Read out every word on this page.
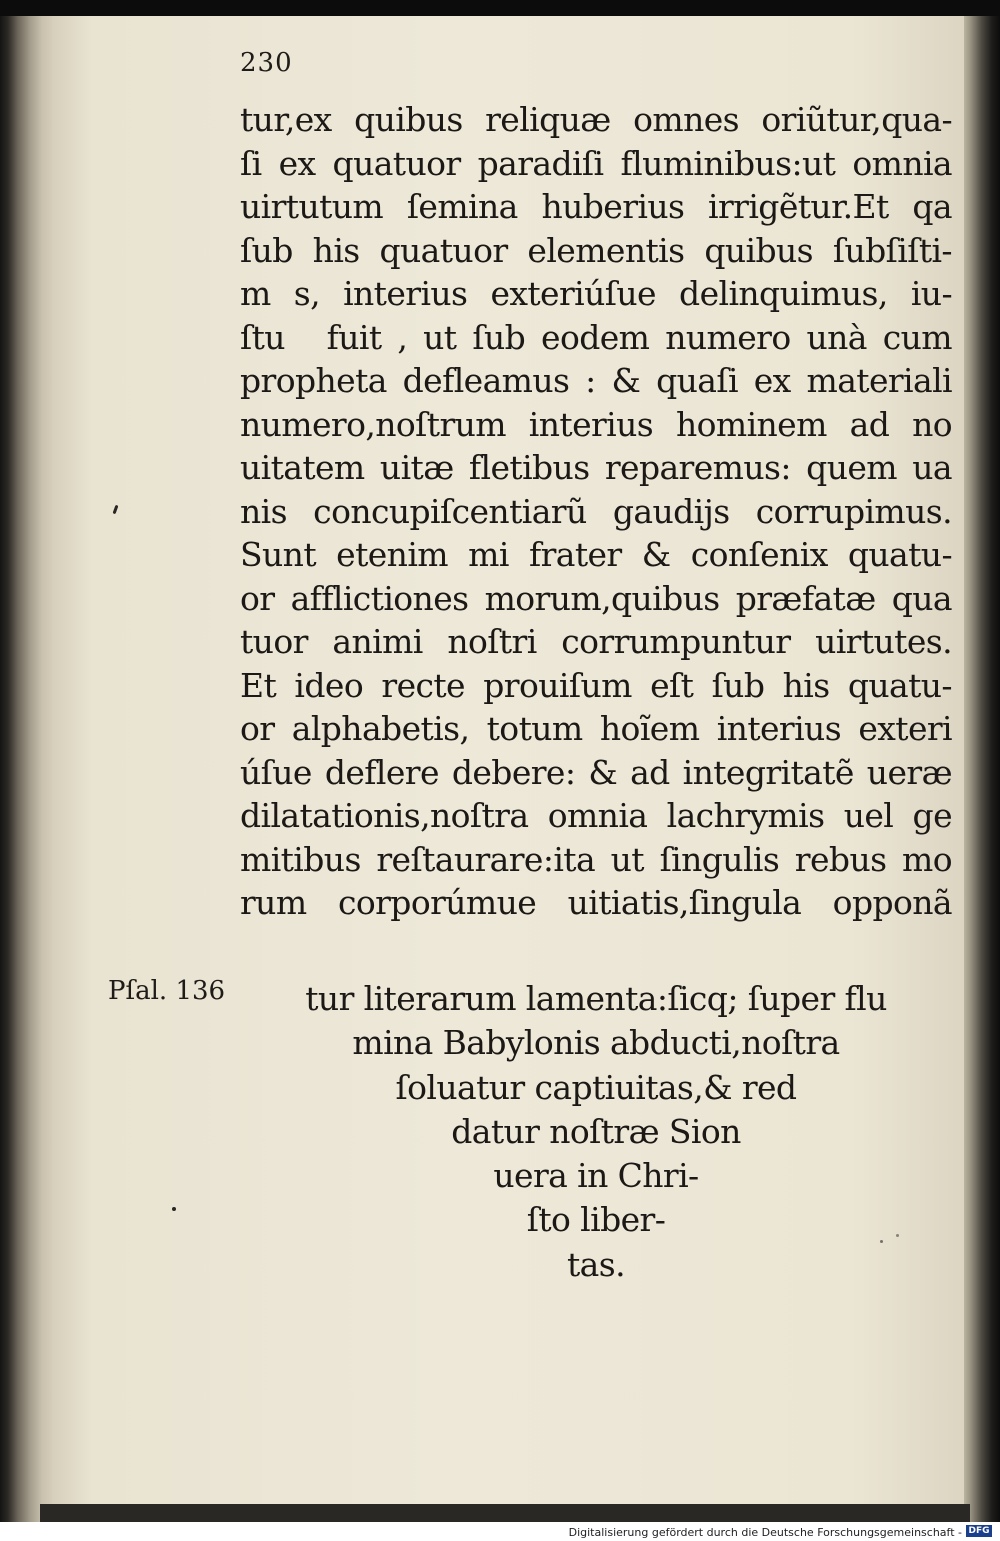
230
tur,ex quibus reliquæ omnes oriũtur,qua-
ſi ex quatuor paradiſi fluminibus:ut omnia
uirtutum ſemina huberius irrigẽtur.Et qa
ſub his quatuor elementis quibus ſubſiſti-
m s, interius exteriúſue delinquimus, iu-
ſtu fuit , ut ſub eodem numero unà cum
propheta defleamus : & quaſi ex materiali
numero,noſtrum interius hominem ad no
uitatem uitæ fletibus reparemus: quem ua
nis concupiſcentiarũ gaudijs corrupimus.
Sunt etenim mi frater & conſenix quatu-
or afflictiones morum,quibus præfatæ qua
tuor animi noſtri corrumpuntur uirtutes.
Et ideo recte prouiſum eſt ſub his quatu-
or alphabetis, totum hoĩem interius exteri
úſue deflere debere: & ad integritatẽ ueræ
dilatationis,noſtra omnia lachrymis uel ge
mitibus reſtaurare:ita ut ſingulis rebus mo
rum corporúmue uitiatis,ſingula opponã
Pſal. 136	tur literarum lamenta:ſicq; ſuper flu
mina Babylonis abducti,noſtra
ſoluatur captiuitas,& red
datur noſtræ Sion
uera in Chri-
ſto liber-
tas.
Digitalisierung gefördert durch die Deutsche Forschungsgemeinschaft - DFG
